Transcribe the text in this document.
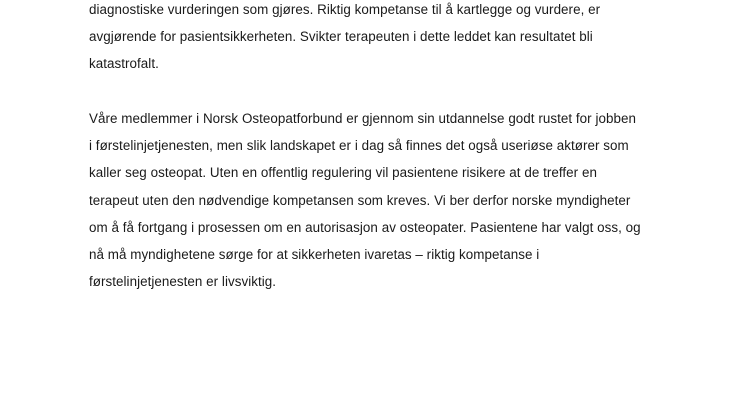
diagnostiske vurderingen som gjøres. Riktig kompetanse til å kartlegge og vurdere, er
avgjørende for pasientsikkerheten. Svikter terapeuten i dette leddet kan resultatet bli
katastrofalt.
Våre medlemmer i Norsk Osteopatforbund er gjennom sin utdannelse godt rustet for jobben
i førstelinjetjenesten, men slik landskapet er i dag så finnes det også useriøse aktører som
kaller seg osteopat. Uten en offentlig regulering vil pasientene risikere at de treffer en
terapeut uten den nødvendige kompetansen som kreves. Vi ber derfor norske myndigheter
om å få fortgang i prosessen om en autorisasjon av osteopater. Pasientene har valgt oss, og
nå må myndighetene sørge for at sikkerheten ivaretas – riktig kompetanse i
førstelinjetjenesten er livsviktig.
